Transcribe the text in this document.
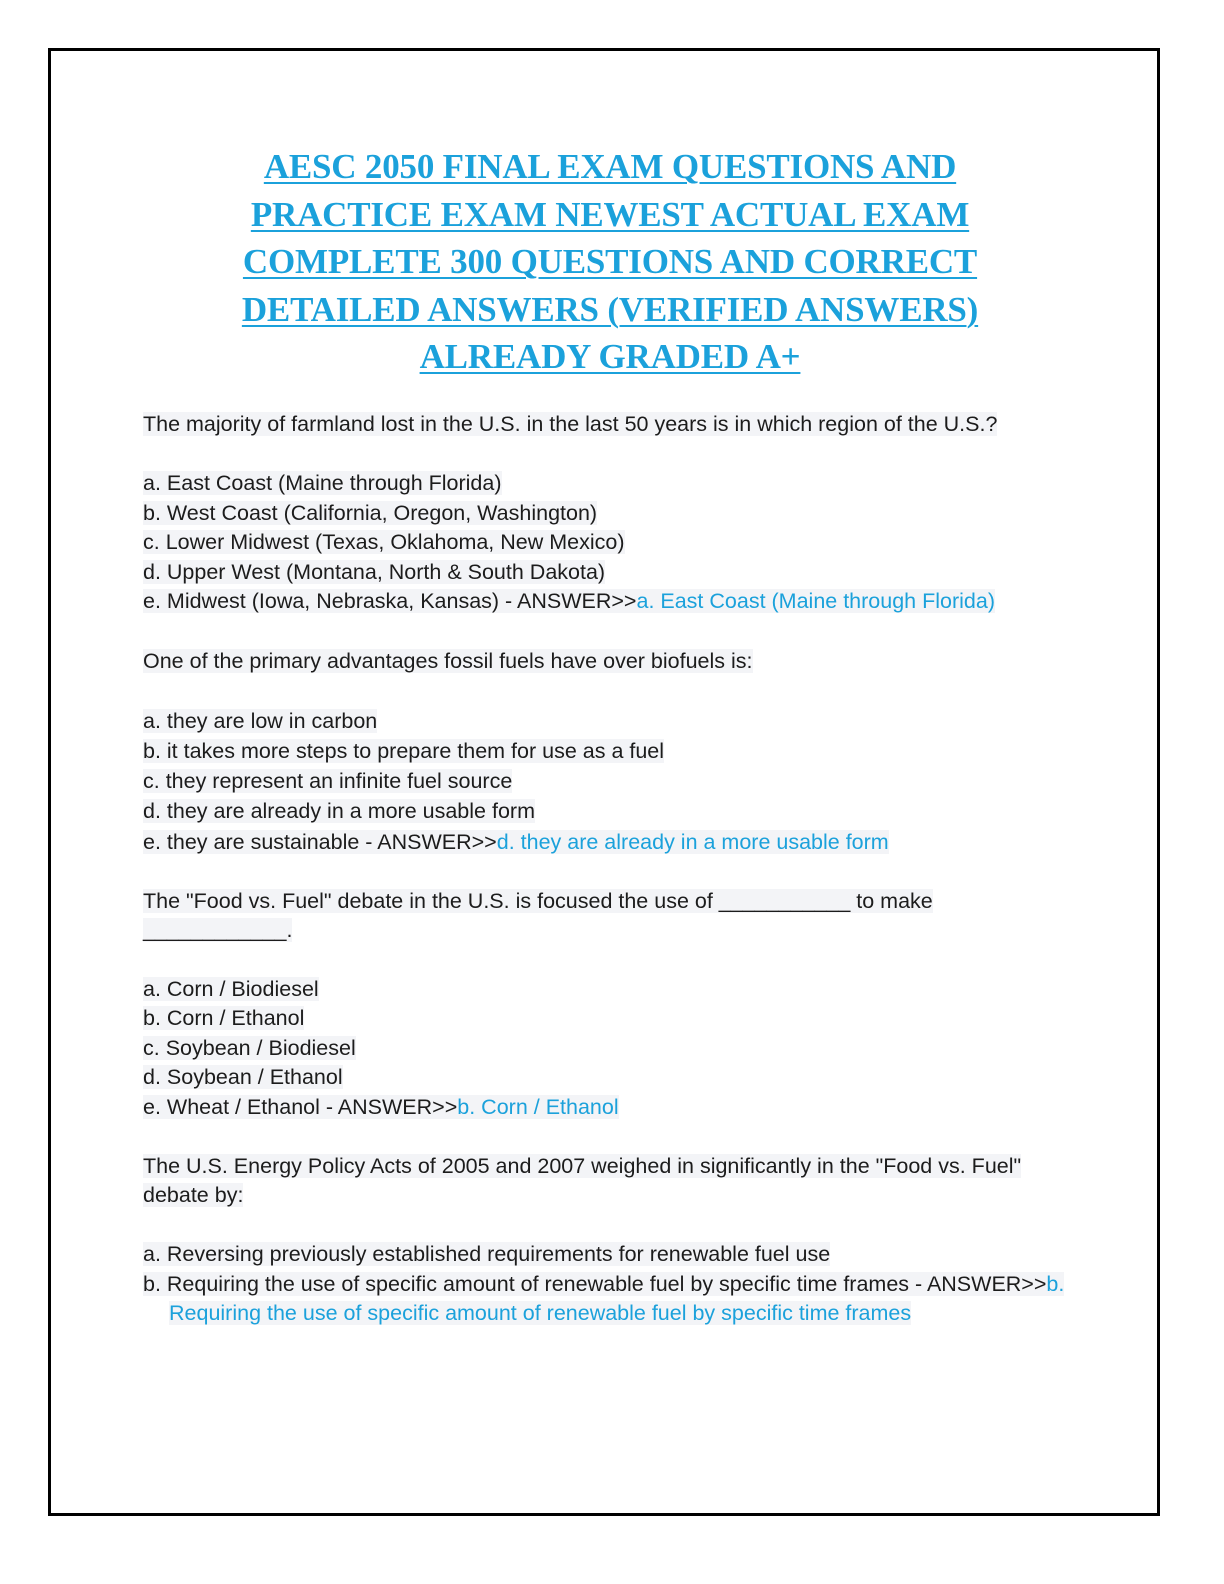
AESC 2050 FINAL EXAM QUESTIONS AND
PRACTICE EXAM NEWEST ACTUAL EXAM
COMPLETE 300 QUESTIONS AND CORRECT
DETAILED ANSWERS (VERIFIED ANSWERS)
ALREADY GRADED A+
The majority of farmland lost in the U.S. in the last 50 years is in which region of the U.S.?
a. East Coast (Maine through Florida)
b. West Coast (California, Oregon, Washington)
c. Lower Midwest (Texas, Oklahoma, New Mexico)
d. Upper West (Montana, North & South Dakota)
e. Midwest (Iowa, Nebraska, Kansas) - ANSWER>>a. East Coast (Maine through Florida)
One of the primary advantages fossil fuels have over biofuels is:
a. they are low in carbon
b. it takes more steps to prepare them for use as a fuel
c. they represent an infinite fuel source
d. they are already in a more usable form
e. they are sustainable - ANSWER>>d. they are already in a more usable form
The "Food vs. Fuel" debate in the U.S. is focused the use of ___________ to make ____________.
a. Corn / Biodiesel
b. Corn / Ethanol
c. Soybean / Biodiesel
d. Soybean / Ethanol
e. Wheat / Ethanol - ANSWER>>b. Corn / Ethanol
The U.S. Energy Policy Acts of 2005 and 2007 weighed in significantly in the "Food vs. Fuel" debate by:
a. Reversing previously established requirements for renewable fuel use
b. Requiring the use of specific amount of renewable fuel by specific time frames - ANSWER>>b. Requiring the use of specific amount of renewable fuel by specific time frames
